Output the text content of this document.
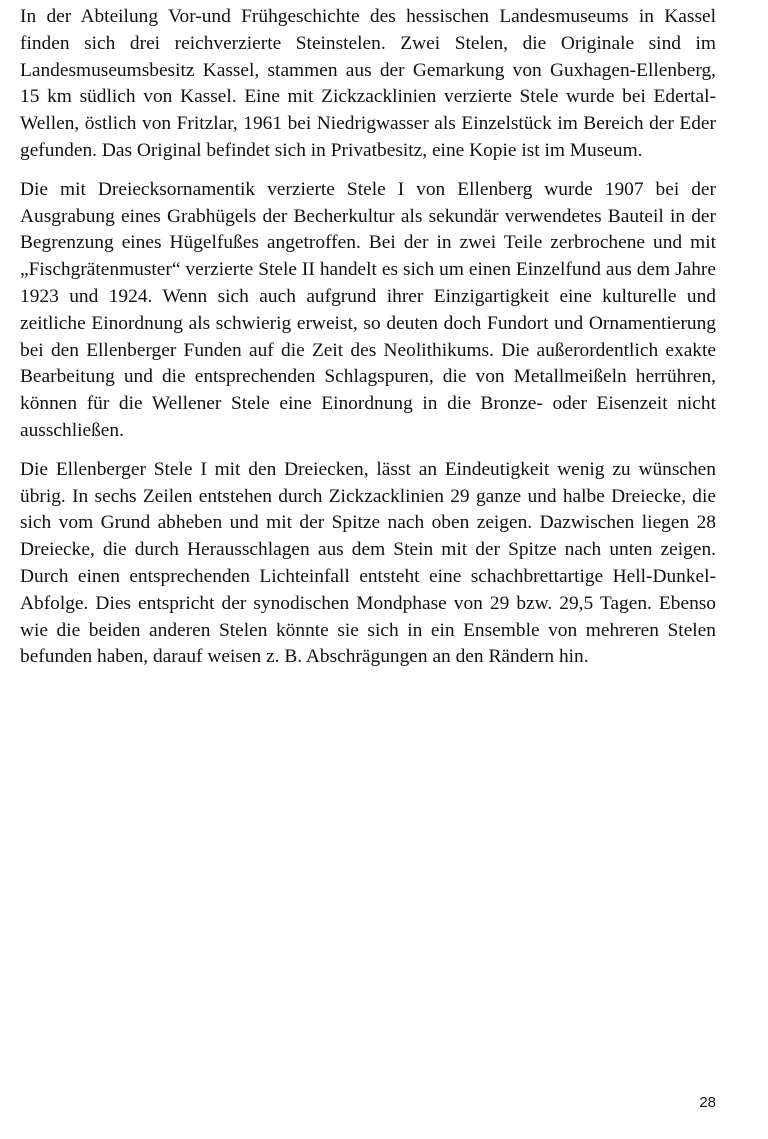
In der Abteilung Vor-und Frühgeschichte des hessischen Landesmuseums in Kassel finden sich drei reichverzierte Steinstelen. Zwei Stelen, die Originale sind im Landesmuseumsbesitz Kassel, stammen aus der Gemarkung von Guxhagen-Ellenberg, 15 km südlich von Kassel. Eine mit Zickzacklinien verzierte Stele wurde bei Edertal-Wellen, östlich von Fritzlar, 1961 bei Niedrigwasser als Einzelstück im Bereich der Eder gefunden. Das Original befindet sich in Privatbesitz, eine Kopie ist im Museum.

Die mit Dreiecksornamentik verzierte Stele I von Ellenberg wurde 1907 bei der Ausgrabung eines Grabhügels der Becherkultur als sekundär verwendetes Bauteil in der Begrenzung eines Hügelfußes angetroffen. Bei der in zwei Teile zerbrochene und mit „Fischgrätenmuster“ verzierte Stele II handelt es sich um einen Einzelfund aus dem Jahre 1923 und 1924. Wenn sich auch aufgrund ihrer Einzigartigkeit eine kulturelle und zeitliche Einordnung als schwierig erweist, so deuten doch Fundort und Ornamentierung bei den Ellenberger Funden auf die Zeit des Neolithikums. Die außerordentlich exakte Bearbeitung und die entsprechenden Schlagspuren, die von Metallmeißeln herrühren, können für die Wellener Stele eine Einordnung in die Bronze- oder Eisenzeit nicht ausschließen.

Die Ellenberger Stele I mit den Dreiecken, lässt an Eindeutigkeit wenig zu wünschen übrig. In sechs Zeilen entstehen durch Zickzacklinien 29 ganze und halbe Dreiecke, die sich vom Grund abheben und mit der Spitze nach oben zeigen. Dazwischen liegen 28 Dreiecke, die durch Herausschlagen aus dem Stein mit der Spitze nach unten zeigen. Durch einen entsprechenden Lichteinfall entsteht eine schachbrettartige Hell-Dunkel-Abfolge. Dies entspricht der synodischen Mondphase von 29 bzw. 29,5 Tagen. Ebenso wie die beiden anderen Stelen könnte sie sich in ein Ensemble von mehreren Stelen befunden haben, darauf weisen z. B. Abschrägungen an den Rändern hin.

28
